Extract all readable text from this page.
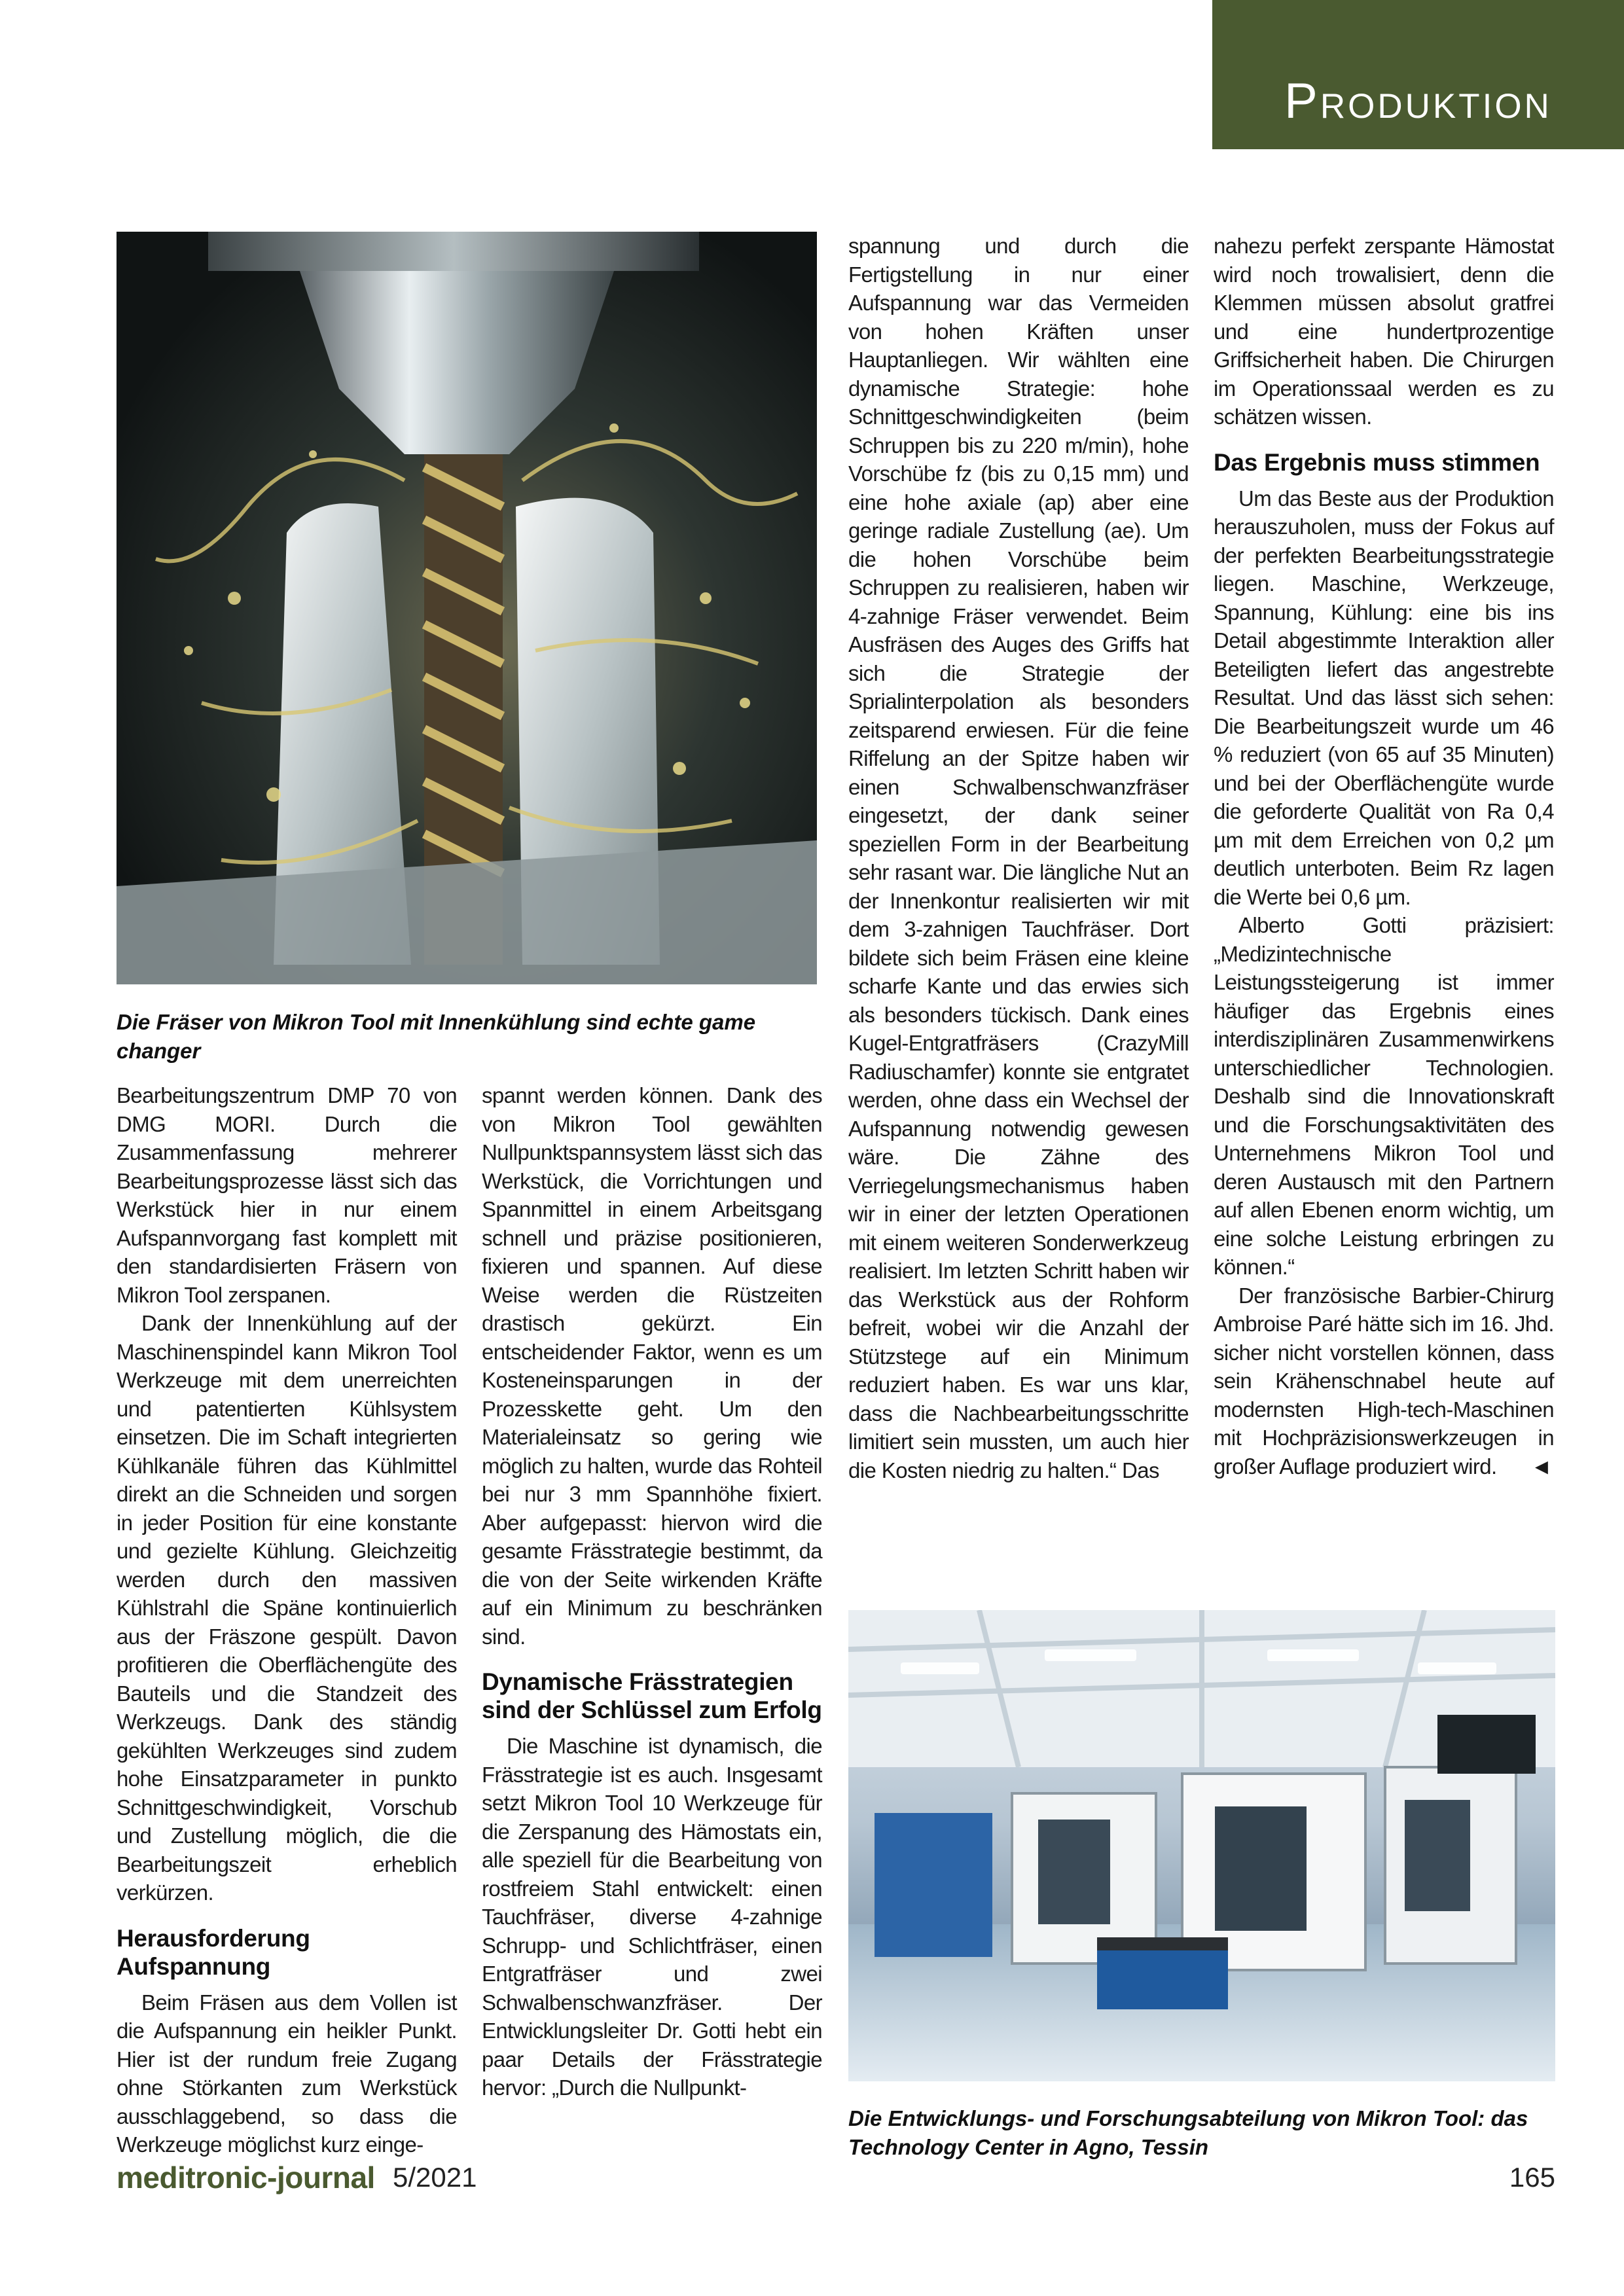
Produktion
Die Fräser von Mikron Tool mit Innenkühlung sind echte game changer

Bearbeitungszentrum DMP 70 von DMG MORI. Durch die Zusammenfassung mehrerer Bearbeitungsprozesse lässt sich das Werkstück hier in nur einem Aufspannvorgang fast komplett mit den standardisierten Fräsern von Mikron Tool zerspanen.

Dank der Innenkühlung auf der Maschinenspindel kann Mikron Tool Werkzeuge mit dem unerreichten und patentierten Kühlsystem einsetzen. Die im Schaft integrierten Kühlkanäle führen das Kühlmittel direkt an die Schneiden und sorgen in jeder Position für eine konstante und gezielte Kühlung. Gleichzeitig werden durch den massiven Kühlstrahl die Späne kontinuierlich aus der Fräszone gespült. Davon profitieren die Oberflächengüte des Bauteils und die Standzeit des Werkzeugs. Dank des ständig gekühlten Werkzeuges sind zudem hohe Einsatzparameter in punkto Schnittgeschwindigkeit, Vorschub und Zustellung möglich, die die Bearbeitungszeit erheblich verkürzen.

Herausforderung Aufspannung

Beim Fräsen aus dem Vollen ist die Aufspannung ein heikler Punkt. Hier ist der rundum freie Zugang ohne Störkanten zum Werkstück ausschlaggebend, so dass die Werkzeuge möglichst kurz einge-

spannt werden können. Dank des von Mikron Tool gewählten Nullpunktspannsystem lässt sich das Werkstück, die Vorrichtungen und Spannmittel in einem Arbeitsgang schnell und präzise positionieren, fixieren und spannen. Auf diese Weise werden die Rüstzeiten drastisch gekürzt. Ein entscheidender Faktor, wenn es um Kosteneinsparungen in der Prozesskette geht. Um den Materialeinsatz so gering wie möglich zu halten, wurde das Rohteil bei nur 3 mm Spannhöhe fixiert. Aber aufgepasst: hiervon wird die gesamte Frässtrategie bestimmt, da die von der Seite wirkenden Kräfte auf ein Minimum zu beschränken sind.

Dynamische Frässtrategien sind der Schlüssel zum Erfolg

Die Maschine ist dynamisch, die Frässtrategie ist es auch. Insgesamt setzt Mikron Tool 10 Werkzeuge für die Zerspanung des Hämostats ein, alle speziell für die Bearbeitung von rostfreiem Stahl entwickelt: einen Tauchfräser, diverse 4-zahnige Schrupp- und Schlichtfräser, einen Entgratfräser und zwei Schwalbenschwanzfräser. Der Entwicklungsleiter Dr. Gotti hebt ein paar Details der Frässtrategie hervor: „Durch die Nullpunkt-

spannung und durch die Fertigstellung in nur einer Aufspannung war das Vermeiden von hohen Kräften unser Hauptanliegen. Wir wählten eine dynamische Strategie: hohe Schnittgeschwindigkeiten (beim Schruppen bis zu 220 m/min), hohe Vorschübe fz (bis zu 0,15 mm) und eine hohe axiale (ap) aber eine geringe radiale Zustellung (ae). Um die hohen Vorschübe beim Schruppen zu realisieren, haben wir 4-zahnige Fräser verwendet. Beim Ausfräsen des Auges des Griffs hat sich die Strategie der Sprialinterpolation als besonders zeitsparend erwiesen. Für die feine Riffelung an der Spitze haben wir einen Schwalbenschwanzfräser eingesetzt, der dank seiner speziellen Form in der Bearbeitung sehr rasant war. Die längliche Nut an der Innenkontur realisierten wir mit dem 3-zahnigen Tauchfräser. Dort bildete sich beim Fräsen eine kleine scharfe Kante und das erwies sich als besonders tückisch. Dank eines Kugel-Entgratfräsers (CrazyMill Radiuschamfer) konnte sie entgratet werden, ohne dass ein Wechsel der Aufspannung notwendig gewesen wäre. Die Zähne des Verriegelungsmechanismus haben wir in einer der letzten Operationen mit einem weiteren Sonderwerkzeug realisiert. Im letzten Schritt haben wir das Werkstück aus der Rohform befreit, wobei wir die Anzahl der Stützstege auf ein Minimum reduziert haben. Es war uns klar, dass die Nachbearbeitungsschritte limitiert sein mussten, um auch hier die Kosten niedrig zu halten.“ Das

nahezu perfekt zerspante Hämostat wird noch trowalisiert, denn die Klemmen müssen absolut gratfrei und eine hundertprozentige Griffsicherheit haben. Die Chirurgen im Operationssaal werden es zu schätzen wissen.

Das Ergebnis muss stimmen

Um das Beste aus der Produktion herauszuholen, muss der Fokus auf der perfekten Bearbeitungsstrategie liegen. Maschine, Werkzeuge, Spannung, Kühlung: eine bis ins Detail abgestimmte Interaktion aller Beteiligten liefert das angestrebte Resultat. Und das lässt sich sehen: Die Bearbeitungszeit wurde um 46 % reduziert (von 65 auf 35 Minuten) und bei der Oberflächengüte wurde die geforderte Qualität von Ra 0,4 µm mit dem Erreichen von 0,2 µm deutlich unterboten. Beim Rz lagen die Werte bei 0,6 µm.

Alberto Gotti präzisiert: „Medizintechnische Leistungssteigerung ist immer häufiger das Ergebnis eines interdisziplinären Zusammenwirkens unterschiedlicher Technologien. Deshalb sind die Innovationskraft und die Forschungsaktivitäten des Unternehmens Mikron Tool und deren Austausch mit den Partnern auf allen Ebenen enorm wichtig, um eine solche Leistung erbringen zu können.“

Der französische Barbier-Chirurg Ambroise Paré hätte sich im 16. Jhd. sicher nicht vorstellen können, dass sein Krähenschnabel heute auf modernsten High-tech-Maschinen mit Hochpräzisionswerkzeugen in großer Auflage produziert wird. ◄

Die Entwicklungs- und Forschungsabteilung von Mikron Tool: das Technology Center in Agno, Tessin
meditronic-journal 5/2021	165
